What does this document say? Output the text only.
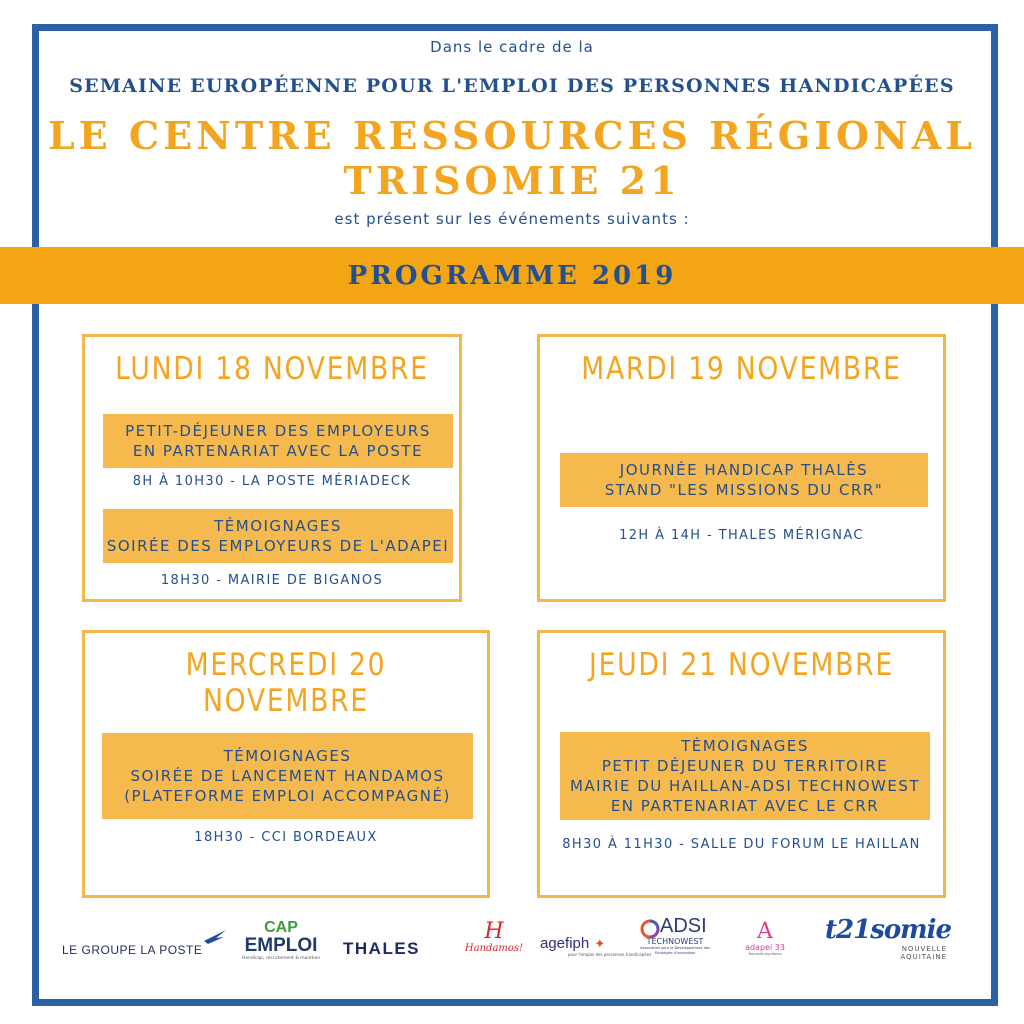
Dans le cadre de la
SEMAINE EUROPÉENNE POUR L'EMPLOI DES PERSONNES HANDICAPÉES
LE CENTRE RESSOURCES RÉGIONAL
TRISOMIE 21
est présent sur les événements suivants :
PROGRAMME 2019
LUNDI 18 NOVEMBRE
PETIT-DÉJEUNER DES EMPLOYEURS
EN PARTENARIAT AVEC LA POSTE
8H À 10H30 - LA POSTE MÉRIADECK
TÉMOIGNAGES
SOIRÉE DES EMPLOYEURS DE L'ADAPEI
18H30 - MAIRIE DE BIGANOS
MARDI 19 NOVEMBRE
JOURNÉE HANDICAP THALÈS
STAND "LES MISSIONS DU CRR"
12H À 14H - THALES MÉRIGNAC
MERCREDI 20 NOVEMBRE
TÉMOIGNAGES
SOIRÉE DE LANCEMENT HANDAMOS
(PLATEFORME EMPLOI ACCOMPAGNÉ)
18H30 - CCI BORDEAUX
JEUDI 21 NOVEMBRE
TÉMOIGNAGES
PETIT DÉJEUNER DU TERRITOIRE
MAIRIE DU HAILLAN-ADSI TECHNOWEST
EN PARTENARIAT AVEC LE CRR
8H30 À 11H30 - SALLE DU FORUM LE HAILLAN
LE GROUPE LA POSTE
CAP
EMPLOI
Handicap, recrutement & maintien
THALES
H
Handamos! agefiph ✦
pour l'emploi des personnes handicapées
ADSI
TECHNOWEST
Association pour le Développement des Stratégies d'Innovation
A
adapei 33
Nouvelle Aquitaine
t21somie
NOUVELLE
AQUITAINE
